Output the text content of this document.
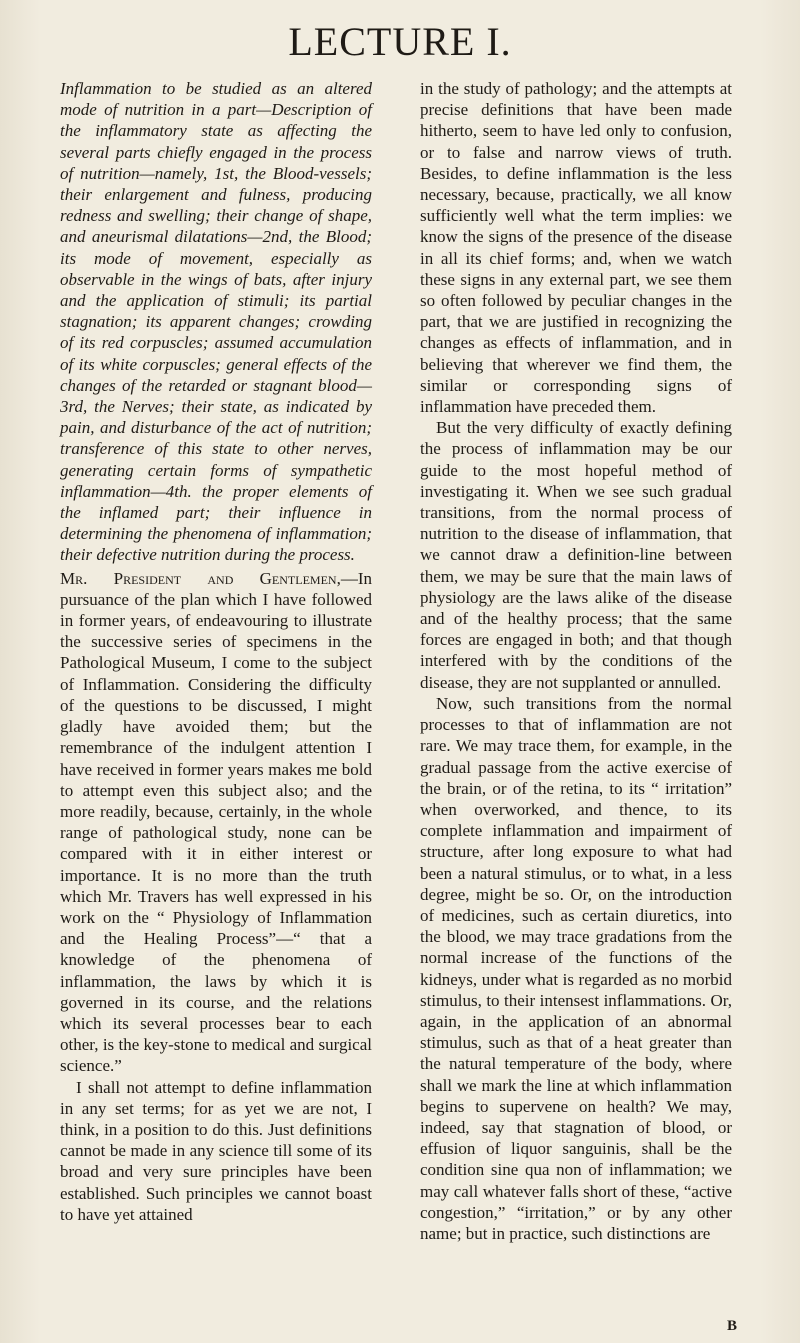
LECTURE I.

Inflammation to be studied as an altered mode of nutrition in a part—Description of the inflammatory state as affecting the several parts chiefly engaged in the process of nutrition—namely, 1st, the Blood-vessels; their enlargement and fulness, producing redness and swelling; their change of shape, and aneurismal dilatations—2nd, the Blood; its mode of movement, especially as observable in the wings of bats, after injury and the application of stimuli; its partial stagnation; its apparent changes; crowding of its red corpuscles; assumed accumulation of its white corpuscles; general effects of the changes of the retarded or stagnant blood—3rd, the Nerves; their state, as indicated by pain, and disturbance of the act of nutrition; transference of this state to other nerves, generating certain forms of sympathetic inflammation—4th. the proper elements of the inflamed part; their influence in determining the phenomena of inflammation; their defective nutrition during the process.

Mr. President and Gentlemen,—In pursuance of the plan which I have followed in former years, of endeavouring to illustrate the successive series of specimens in the Pathological Museum, I come to the subject of Inflammation. Considering the difficulty of the questions to be discussed, I might gladly have avoided them; but the remembrance of the indulgent attention I have received in former years makes me bold to attempt even this subject also; and the more readily, because, certainly, in the whole range of pathological study, none can be compared with it in either interest or importance. It is no more than the truth which Mr. Travers has well expressed in his work on the “ Physiology of Inflammation and the Healing Process”—“ that a knowledge of the phenomena of inflammation, the laws by which it is governed in its course, and the relations which its several processes bear to each other, is the key-stone to medical and surgical science.”

I shall not attempt to define inflammation in any set terms; for as yet we are not, I think, in a position to do this. Just definitions cannot be made in any science till some of its broad and very sure principles have been established. Such principles we cannot boast to have yet attained

in the study of pathology; and the attempts at precise definitions that have been made hitherto, seem to have led only to confusion, or to false and narrow views of truth. Besides, to define inflammation is the less necessary, because, practically, we all know sufficiently well what the term implies: we know the signs of the presence of the disease in all its chief forms; and, when we watch these signs in any external part, we see them so often followed by peculiar changes in the part, that we are justified in recognizing the changes as effects of inflammation, and in believing that wherever we find them, the similar or corresponding signs of inflammation have preceded them.

But the very difficulty of exactly defining the process of inflammation may be our guide to the most hopeful method of investigating it. When we see such gradual transitions, from the normal process of nutrition to the disease of inflammation, that we cannot draw a definition-line between them, we may be sure that the main laws of physiology are the laws alike of the disease and of the healthy process; that the same forces are engaged in both; and that though interfered with by the conditions of the disease, they are not supplanted or annulled.

Now, such transitions from the normal processes to that of inflammation are not rare. We may trace them, for example, in the gradual passage from the active exercise of the brain, or of the retina, to its “ irritation” when overworked, and thence, to its complete inflammation and impairment of structure, after long exposure to what had been a natural stimulus, or to what, in a less degree, might be so. Or, on the introduction of medicines, such as certain diuretics, into the blood, we may trace gradations from the normal increase of the functions of the kidneys, under what is regarded as no morbid stimulus, to their intensest inflammations. Or, again, in the application of an abnormal stimulus, such as that of a heat greater than the natural temperature of the body, where shall we mark the line at which inflammation begins to supervene on health? We may, indeed, say that stagnation of blood, or effusion of liquor sanguinis, shall be the condition sine qua non of inflammation; we may call whatever falls short of these, “active congestion,” “irritation,” or by any other name; but in practice, such distinctions are

B
